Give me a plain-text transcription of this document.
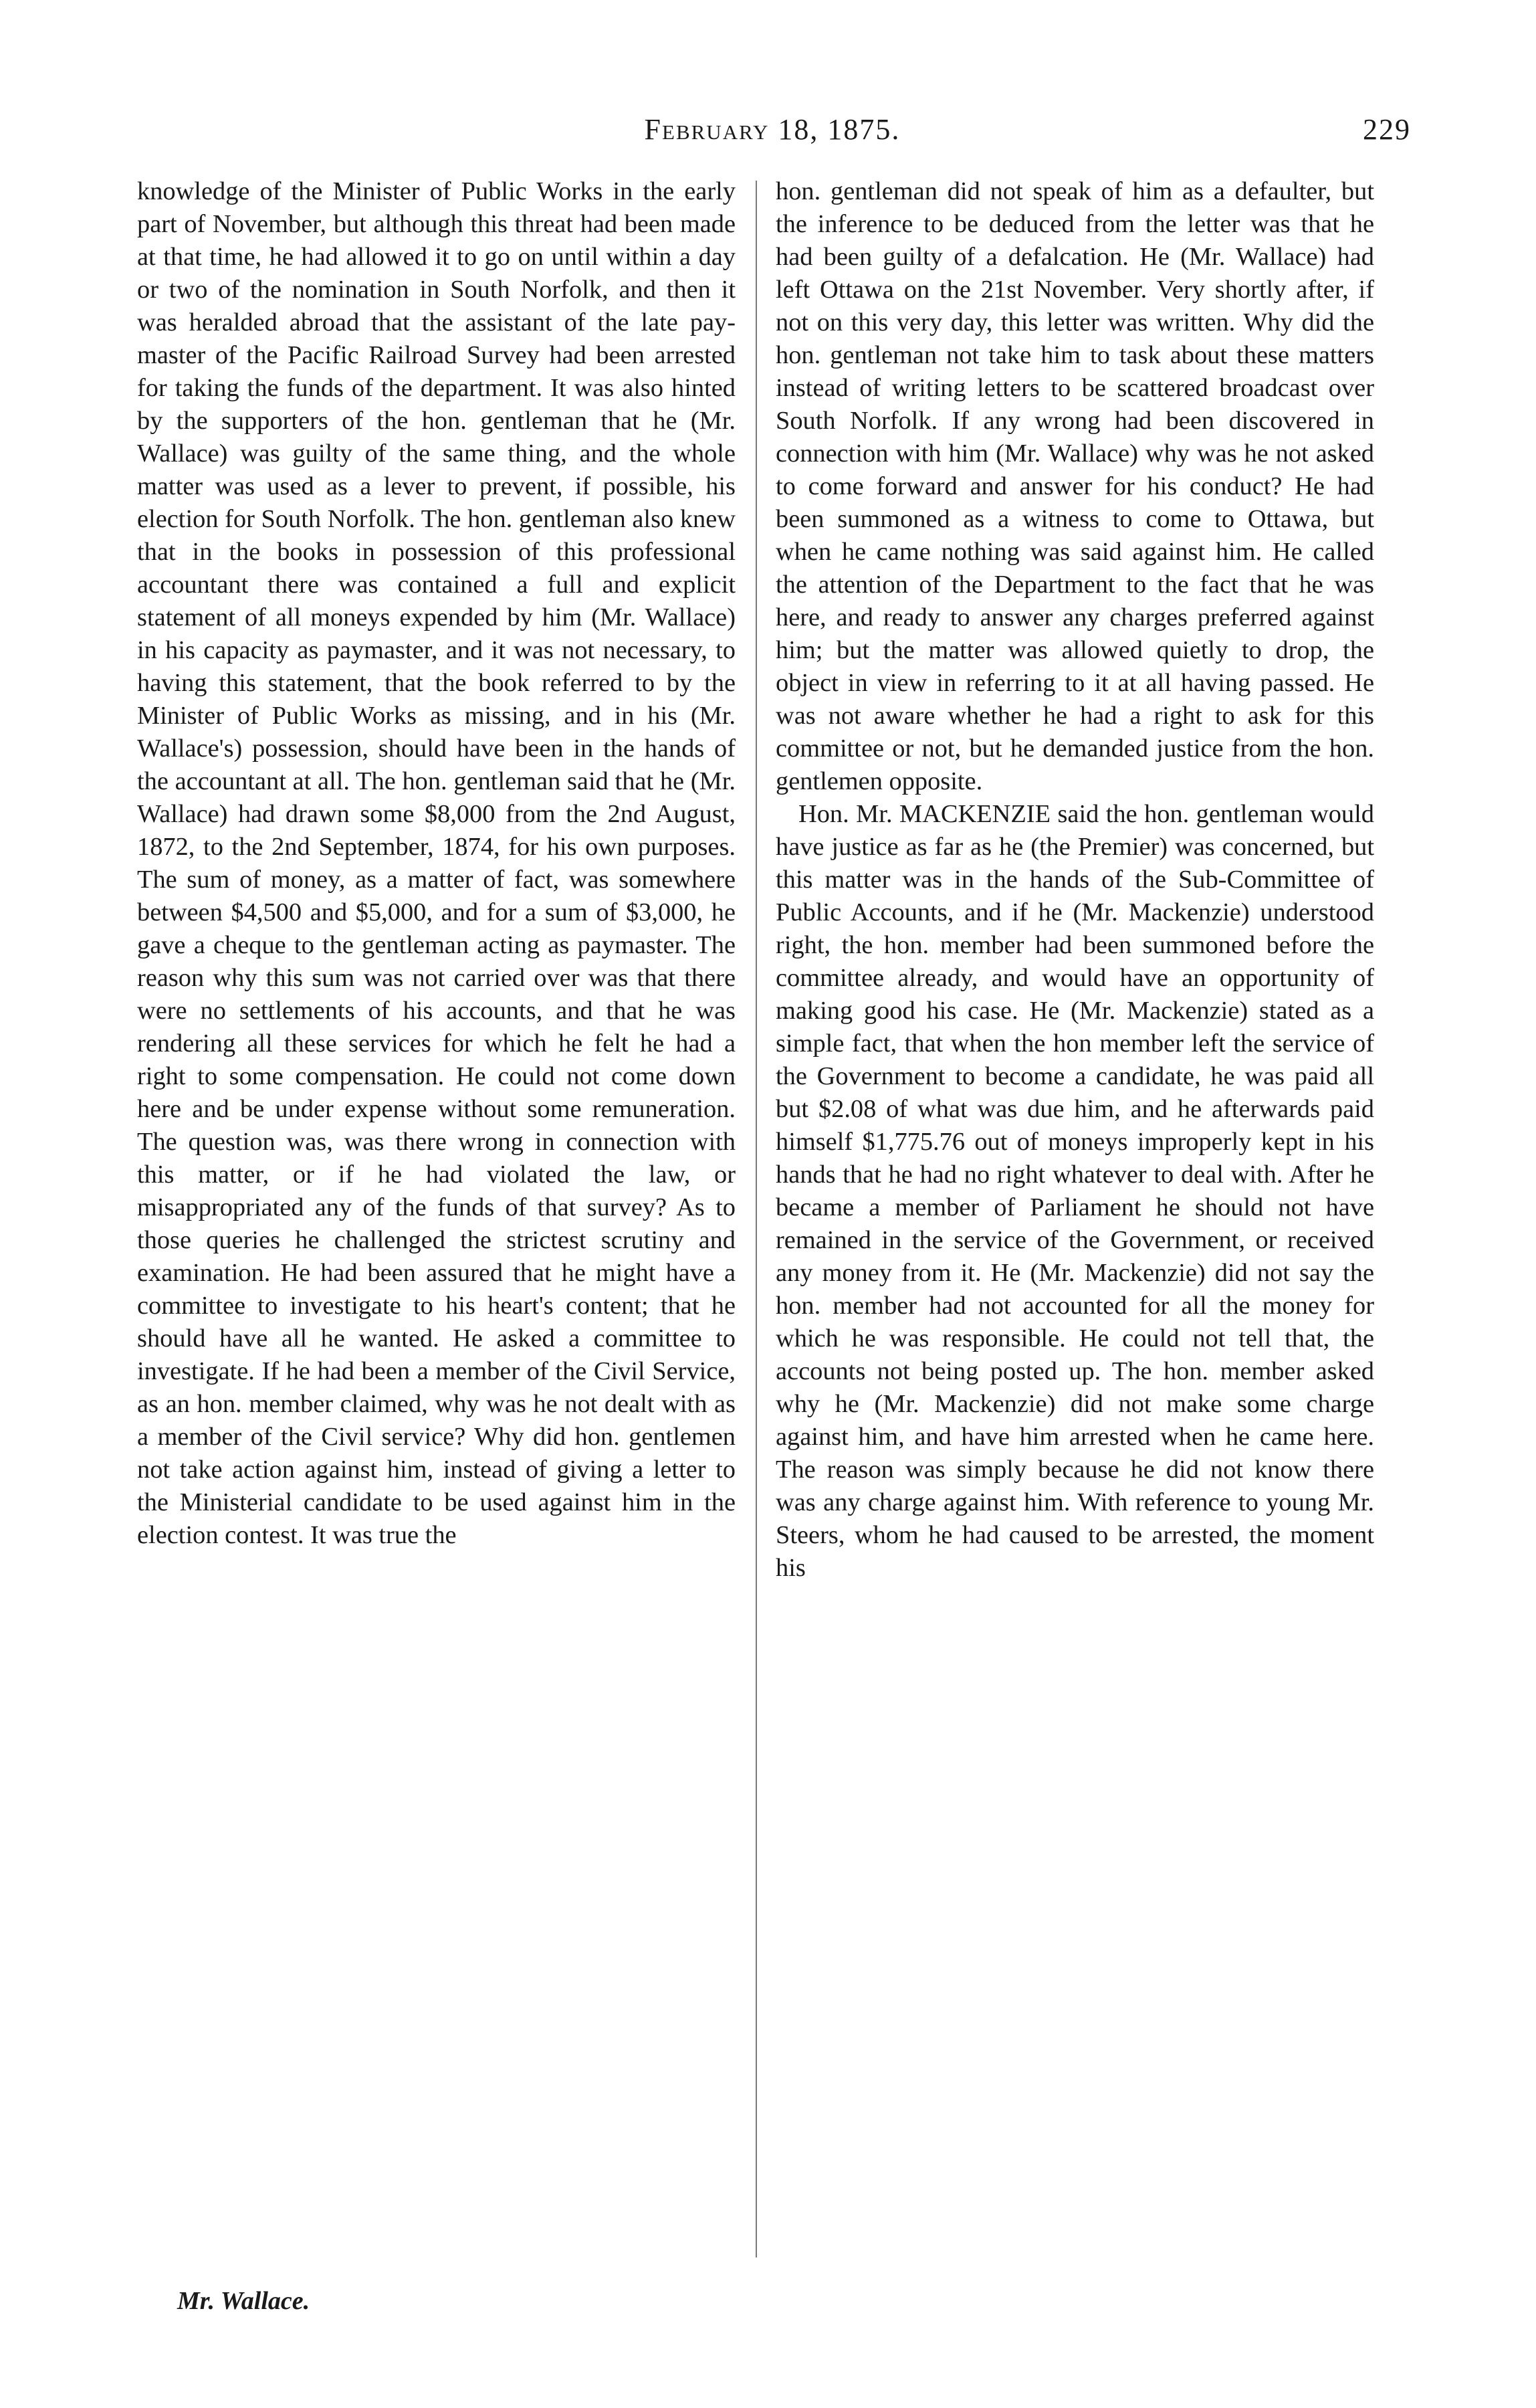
February 18, 1875.	229

knowledge of the Minister of Public Works in the early part of November, but although this threat had been made at that time, he had allowed it to go on until within a day or two of the nomination in South Norfolk, and then it was heralded abroad that the assistant of the late pay-master of the Pacific Railroad Survey had been arrested for taking the funds of the department. It was also hinted by the supporters of the hon. gentleman that he (Mr. Wallace) was guilty of the same thing, and the whole matter was used as a lever to prevent, if possible, his election for South Norfolk. The hon. gentleman also knew that in the books in possession of this professional accountant there was contained a full and explicit statement of all moneys expended by him (Mr. Wallace) in his capacity as paymaster, and it was not necessary, to having this statement, that the book referred to by the Minister of Public Works as missing, and in his (Mr. Wallace's) possession, should have been in the hands of the accountant at all. The hon. gentleman said that he (Mr. Wallace) had drawn some $8,000 from the 2nd August, 1872, to the 2nd September, 1874, for his own purposes. The sum of money, as a matter of fact, was somewhere between $4,500 and $5,000, and for a sum of $3,000, he gave a cheque to the gentleman acting as paymaster. The reason why this sum was not carried over was that there were no settlements of his accounts, and that he was rendering all these services for which he felt he had a right to some compensation. He could not come down here and be under expense without some remuneration. The question was, was there wrong in connection with this matter, or if he had violated the law, or misappropriated any of the funds of that survey? As to those queries he challenged the strictest scrutiny and examination. He had been assured that he might have a committee to investigate to his heart's content; that he should have all he wanted. He asked a committee to investigate. If he had been a member of the Civil Service, as an hon. member claimed, why was he not dealt with as a member of the Civil service? Why did hon. gentlemen not take action against him, instead of giving a letter to the Ministerial candidate to be used against him in the election contest. It was true the

hon. gentleman did not speak of him as a defaulter, but the inference to be deduced from the letter was that he had been guilty of a defalcation. He (Mr. Wallace) had left Ottawa on the 21st November. Very shortly after, if not on this very day, this letter was written. Why did the hon. gentleman not take him to task about these matters instead of writing letters to be scattered broadcast over South Norfolk. If any wrong had been discovered in connection with him (Mr. Wallace) why was he not asked to come forward and answer for his conduct? He had been summoned as a witness to come to Ottawa, but when he came nothing was said against him. He called the attention of the Department to the fact that he was here, and ready to answer any charges preferred against him; but the matter was allowed quietly to drop, the object in view in referring to it at all having passed. He was not aware whether he had a right to ask for this committee or not, but he demanded justice from the hon. gentlemen opposite.

Hon. Mr. MACKENZIE said the hon. gentleman would have justice as far as he (the Premier) was concerned, but this matter was in the hands of the Sub-Committee of Public Accounts, and if he (Mr. Mackenzie) understood right, the hon. member had been summoned before the committee already, and would have an opportunity of making good his case. He (Mr. Mackenzie) stated as a simple fact, that when the hon member left the service of the Government to become a candidate, he was paid all but $2.08 of what was due him, and he afterwards paid himself $1,775.76 out of moneys improperly kept in his hands that he had no right whatever to deal with. After he became a member of Parliament he should not have remained in the service of the Government, or received any money from it. He (Mr. Mackenzie) did not say the hon. member had not accounted for all the money for which he was responsible. He could not tell that, the accounts not being posted up. The hon. member asked why he (Mr. Mackenzie) did not make some charge against him, and have him arrested when he came here. The reason was simply because he did not know there was any charge against him. With reference to young Mr. Steers, whom he had caused to be arrested, the moment his

Mr. Wallace.
